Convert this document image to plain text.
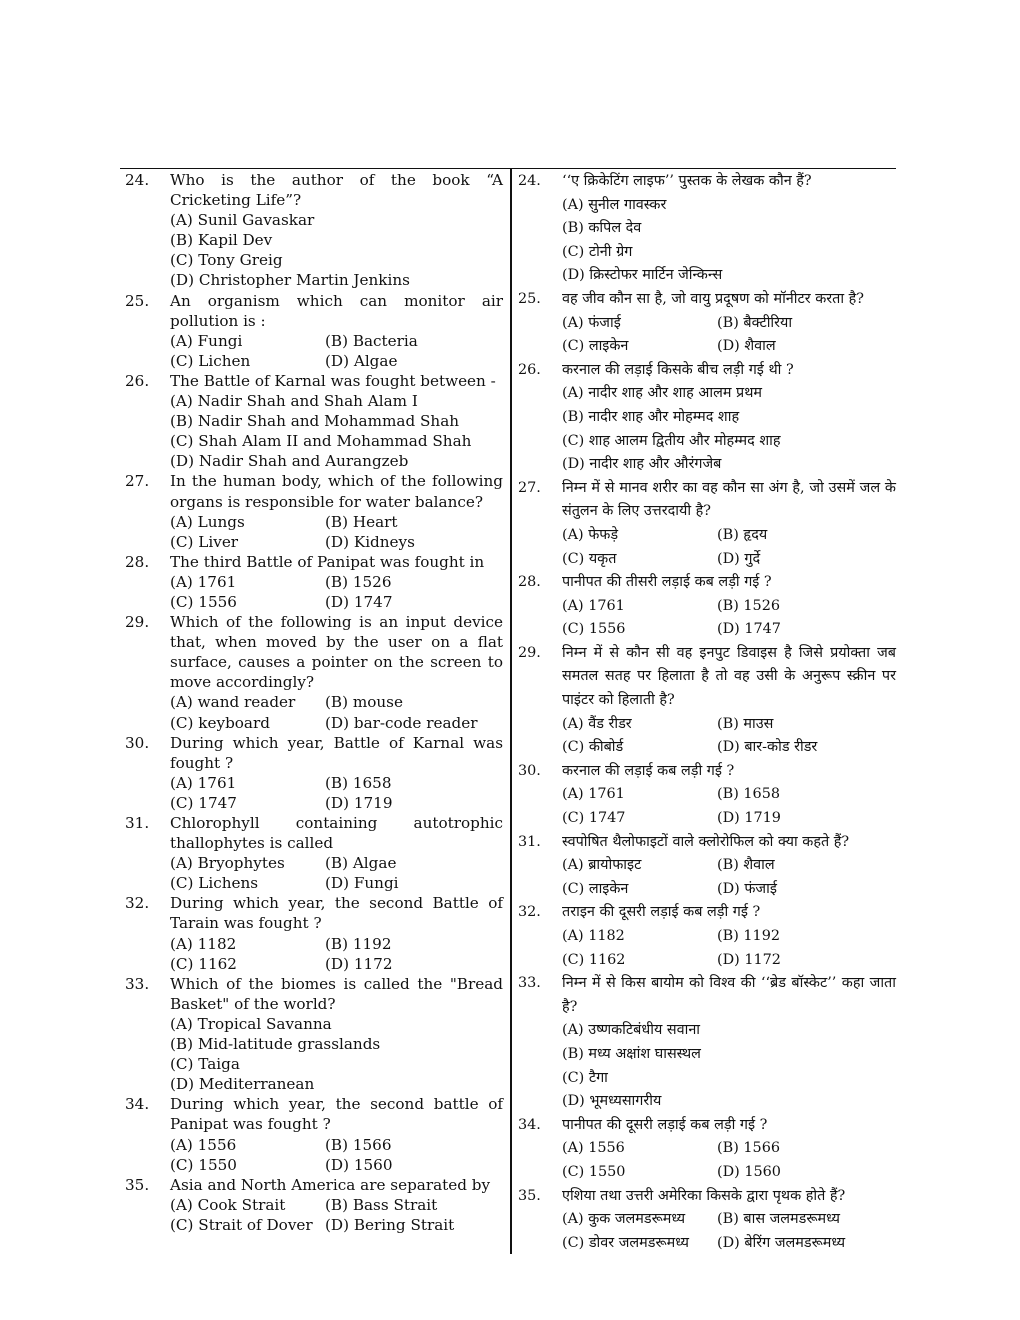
24.	Who is the author of the book “A Cricketing Life”?
(A) Sunil Gavaskar
(B) Kapil Dev
(C) Tony Greig
(D) Christopher Martin Jenkins
25.	An organism which can monitor air pollution is :
(A) Fungi	(B) Bacteria
(C) Lichen	(D) Algae
26.	The Battle of Karnal was fought between -
(A) Nadir Shah and Shah Alam I
(B) Nadir Shah and Mohammad Shah
(C) Shah Alam II and Mohammad Shah
(D) Nadir Shah and Aurangzeb
27.	In the human body, which of the following organs is responsible for water balance?
(A) Lungs	(B) Heart
(C) Liver	(D) Kidneys
28.	The third Battle of Panipat was fought in
(A) 1761	(B) 1526
(C) 1556	(D) 1747
29.	Which of the following is an input device that, when moved by the user on a flat surface, causes a pointer on the screen to move accordingly?
(A) wand reader	(B) mouse
(C) keyboard	(D) bar-code reader
30.	During which year, Battle of Karnal was fought ?
(A) 1761	(B) 1658
(C) 1747	(D) 1719
31.	Chlorophyll containing autotrophic thallophytes is called
(A) Bryophytes	(B) Algae
(C) Lichens	(D) Fungi
32.	During which year, the second Battle of Tarain was fought ?
(A) 1182	(B) 1192
(C) 1162	(D) 1172
33.	Which of the biomes is called the "Bread Basket" of the world?
(A) Tropical Savanna
(B) Mid-latitude grasslands
(C) Taiga
(D) Mediterranean
34.	During which year, the second battle of Panipat was fought ?
(A) 1556	(B) 1566
(C) 1550	(D) 1560
35.	Asia and North America are separated by
(A) Cook Strait	(B) Bass Strait
(C) Strait of Dover (D) Bering Strait
24.	‘‘ए क्रिकेटिंग लाइफ’’ पुस्तक के लेखक कौन हैं?
(A) सुनील गावस्कर
(B) कपिल देव
(C) टोनी ग्रेग
(D) क्रिस्टोफर मार्टिन जेन्किन्स
25.	वह जीव कौन सा है, जो वायु प्रदूषण को मॉनीटर करता है?
(A) फंजाई	(B) बैक्टीरिया
(C) लाइकेन	(D) शैवाल
26.	करनाल की लड़ाई किसके बीच लड़ी गई थी ?
(A) नादीर शाह और शाह आलम प्रथम
(B) नादीर शाह और मोहम्मद शाह
(C) शाह आलम द्वितीय और मोहम्मद शाह
(D) नादीर शाह और औरंगजेब
27.	निम्न में से मानव शरीर का वह कौन सा अंग है, जो उसमें जल के संतुलन के लिए उत्तरदायी है?
(A) फेफड़े	(B) हृदय
(C) यकृत	(D) गुर्दे
28.	पानीपत की तीसरी लड़ाई कब लड़ी गई ?
(A) 1761	(B) 1526
(C) 1556	(D) 1747
29.	निम्न में से कौन सी वह इनपुट डिवाइस है जिसे प्रयोक्ता जब समतल सतह पर हिलाता है तो वह उसी के अनुरूप स्क्रीन पर पाइंटर को हिलाती है?
(A) वैंड रीडर	(B) माउस
(C) कीबोर्ड	(D) बार-कोड रीडर
30.	करनाल की लड़ाई कब लड़ी गई ?
(A) 1761	(B) 1658
(C) 1747	(D) 1719
31.	स्वपोषित थैलोफाइटों वाले क्लोरोफिल को क्या कहते हैं?
(A) ब्रायोफाइट	(B) शैवाल
(C) लाइकेन	(D) फंजाई
32.	तराइन की दूसरी लड़ाई कब लड़ी गई ?
(A) 1182	(B) 1192
(C) 1162	(D) 1172
33.	निम्न में से किस बायोम को विश्व की ‘‘ब्रेड बॉस्केट’’ कहा जाता है?
(A) उष्णकटिबंधीय सवाना
(B) मध्य अक्षांश घासस्थल
(C) टैगा
(D) भूमध्यसागरीय
34.	पानीपत की दूसरी लड़ाई कब लड़ी गई ?
(A) 1556	(B) 1566
(C) 1550	(D) 1560
35.	एशिया तथा उत्तरी अमेरिका किसके द्वारा पृथक होते हैं?
(A) कुक जलमडरूमध्य	(B) बास जलमडरूमध्य
(C) डोवर जलमडरूमध्य	(D) बेरिंग जलमडरूमध्य
